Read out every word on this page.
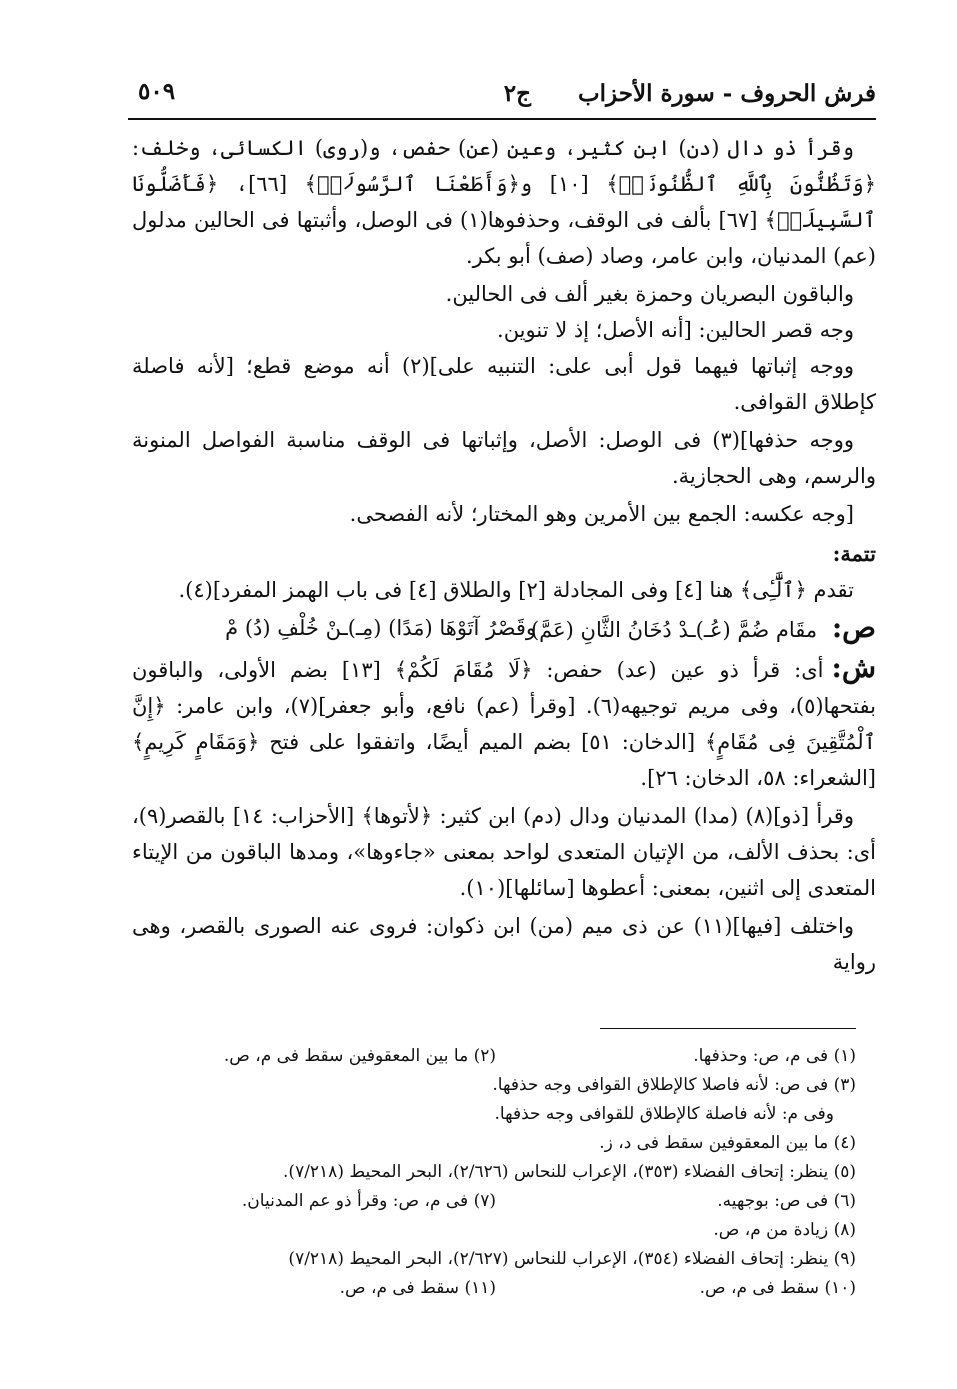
فرش الحروف - سورة الأحزاب
ج٢
٥٠٩

وقرأ ذو دال (دن) ابن كثير، وعين (عن) حفص، و(روى) الكسائى، وخلف: ﴿وَتَظُنُّونَ بِٱللَّهِ ٱلظُّنُونَا۠﴾ [١٠] و﴿وَأَطَعْنَا ٱلرَّسُولَا۠﴾ [٦٦]، ﴿فَأَضَلُّونَا ٱلسَّبِيلَا۠﴾ [٦٧] بألف فى الوقف، وحذفوها(١) فى الوصل، وأثبتها فى الحالين مدلول (عم) المدنيان، وابن عامر، وصاد (صف) أبو بكر.

والباقون البصريان وحمزة بغير ألف فى الحالين.

وجه قصر الحالين: [أنه الأصل؛ إذ لا تنوين.

ووجه إثباتها فيهما قول أبى على: التنبيه على](٢) أنه موضع قطع؛ [لأنه فاصلة كإطلاق القوافى.

ووجه حذفها](٣) فى الوصل: الأصل، وإثباتها فى الوقف مناسبة الفواصل المنونة والرسم، وهى الحجازية.

[وجه عكسه: الجمع بين الأمرين وهو المختار؛ لأنه الفصحى.

تتمة:

تقدم ﴿ٱلَّٰٓـِٔى﴾ هنا [٤] وفى المجادلة [٢] والطلاق [٤] فى باب الهمز المفرد](٤).

ص: مقَام ضُمَّ (عُـ)ـدْ دُخَانُ الثَّانِ (عَمَّ)
وقَصْرُ آتَوْهَا (مَدًا) (مِـ)ـنْ خُلْفِ (دُ) مْ

ش:أى: قرأ ذو عين (عد) حفص: ﴿لَا مُقَامَ لَكُمْ﴾ [١٣] بضم الأولى، والباقون بفتحها(٥)، وفى مريم توجيهه(٦). [وقرأ (عم) نافع، وأبو جعفر](٧)، وابن عامر: ﴿إِنَّ ٱلْمُتَّقِينَ فِى مُقَامٍ﴾ [الدخان: ٥١] بضم الميم أيضًا، واتفقوا على فتح ﴿وَمَقَامٍ كَرِيمٍ﴾ [الشعراء: ٥٨، الدخان: ٢٦].

وقرأ [ذو](٨) (مدا) المدنيان ودال (دم) ابن كثير: ﴿لأتوها﴾ [الأحزاب: ١٤] بالقصر(٩)، أى: بحذف الألف، من الإتيان المتعدى لواحد بمعنى «جاءوها»، ومدها الباقون من الإيتاء المتعدى إلى اثنين، بمعنى: أعطوها [سائلها](١٠).

واختلف [فيها](١١) عن ذى ميم (من) ابن ذكوان: فروى عنه الصورى بالقصر، وهى رواية

(١) فى م، ص: وحذفها.
(٢) ما بين المعقوفين سقط فى م، ص.

(٣) فى ص: لأنه فاصلا كالإطلاق القوافى وجه حذفها.

وفى م: لأنه فاصلة كالإطلاق للقوافى وجه حذفها.

(٤) ما بين المعقوفين سقط فى د، ز.

(٥) ينظر: إتحاف الفضلاء (٣٥٣)، الإعراب للنحاس (٢/٦٢٦)، البحر المحيط (٧/٢١٨).

(٦) فى ص: بوجهيه.
(٧) فى م، ص: وقرأ ذو عم المدنيان.

(٨) زيادة من م، ص.

(٩) ينظر: إتحاف الفضلاء (٣٥٤)، الإعراب للنحاس (٢/٦٢٧)، البحر المحيط (٧/٢١٨)

(١٠) سقط فى م، ص.
(١١) سقط فى م، ص.
